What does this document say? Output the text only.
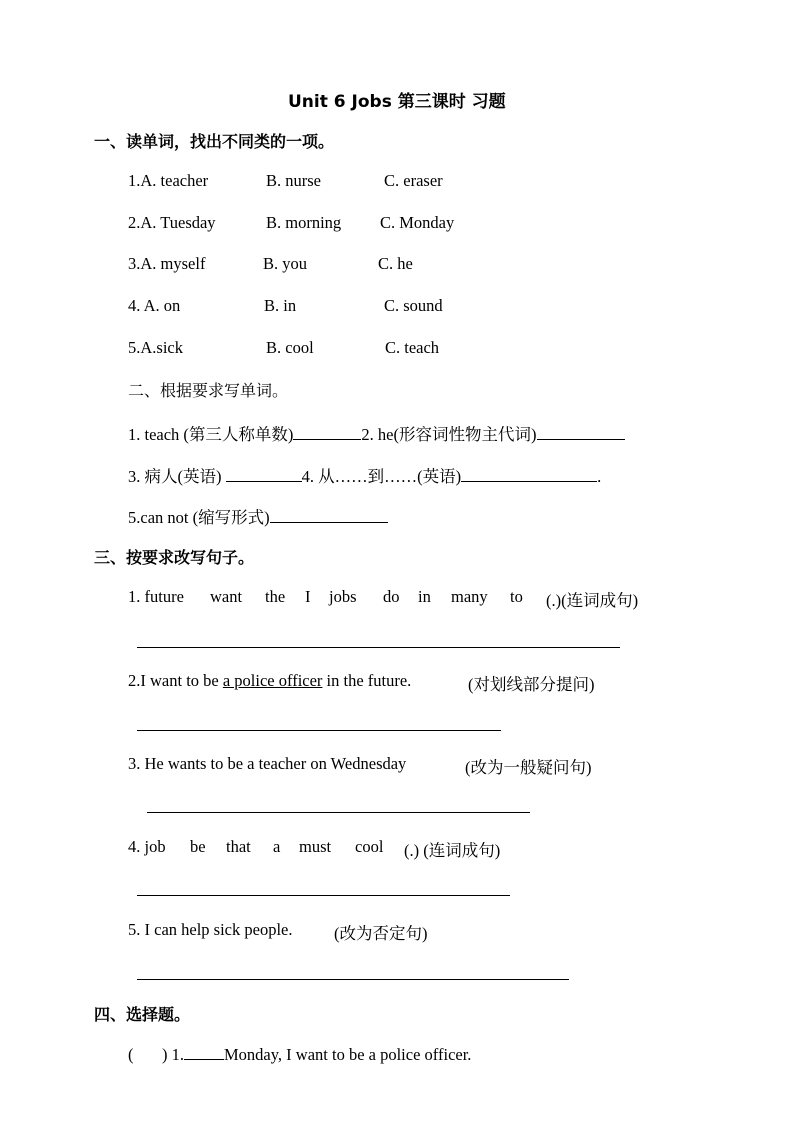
Unit 6 Jobs 第三课时 习题
一、读单词，找出不同类的一项。
1.A. teacher	B. nurse	C. eraser
2.A. Tuesday	B. morning C. Monday
3.A. myself	B. you	C. he
4. A. on	B. in	C. sound
5.A.sick	B. cool	C. teach
二、根据要求写单词。
1. teach (第三人称单数)	2. he(形容词性物主代词)
3. 病人(英语)	4. 从……到……(英语)	.
5.can not (缩写形式)
三、按要求改写句子。
1. future want the I jobs do in many to (.)(连词成句)
2.I want to be a police officer in the future.	(对划线部分提问)
3. He wants to be a teacher on Wednesday	(改为一般疑问句)
4. job be that a must cool (.) (连词成句)
5. I can help sick people.	(改为否定句)
四、选择题。
( ) 1. Monday, I want to be a police officer.
